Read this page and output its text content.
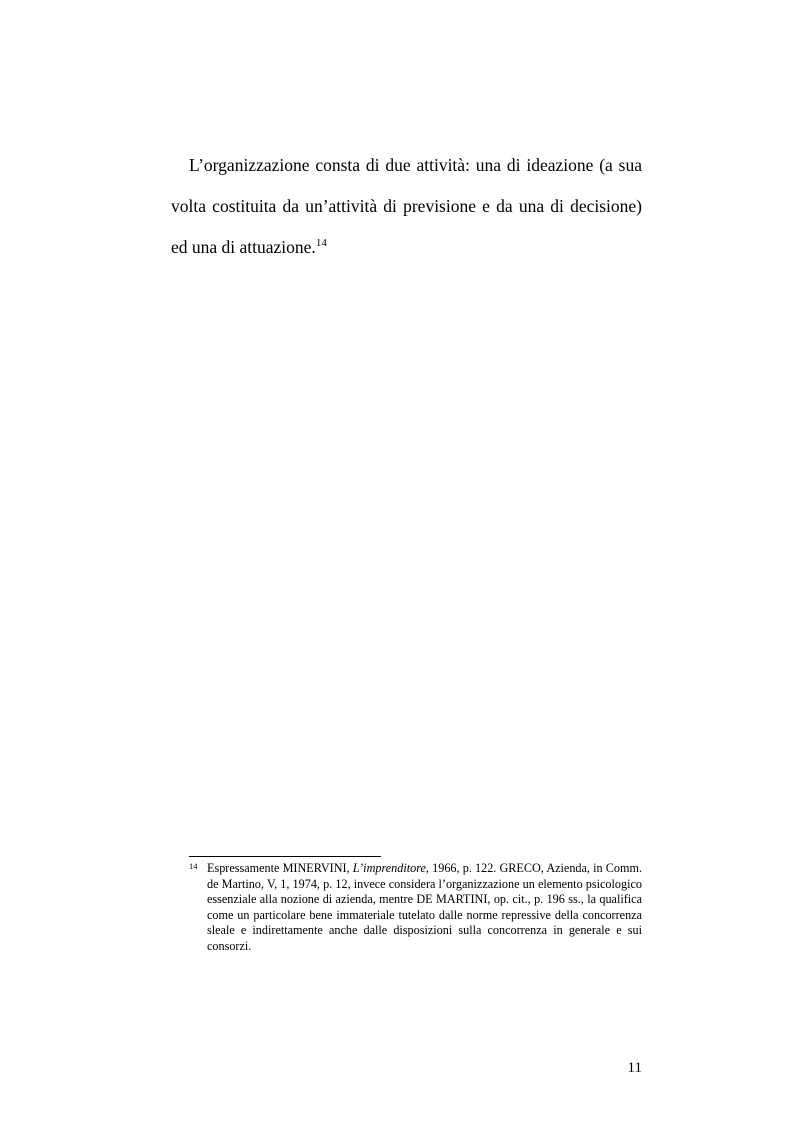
L’organizzazione consta di due attività: una di ideazione (a sua volta costituita da un’attività di previsione e da una di decisione) ed una di attuazione.$^{14}$

14 Espressamente MINERVINI, L’imprenditore, 1966, p. 122. GRECO, Azienda, in Comm. de Martino, V, 1, 1974, p. 12, invece considera l’organizzazione un elemento psicologico essenziale alla nozione di azienda, mentre DE MARTINI, op. cit., p. 196 ss., la qualifica come un particolare bene immateriale tutelato dalle norme repressive della concorrenza sleale e indirettamente anche dalle disposizioni sulla concorrenza in generale e sui consorzi.

11
